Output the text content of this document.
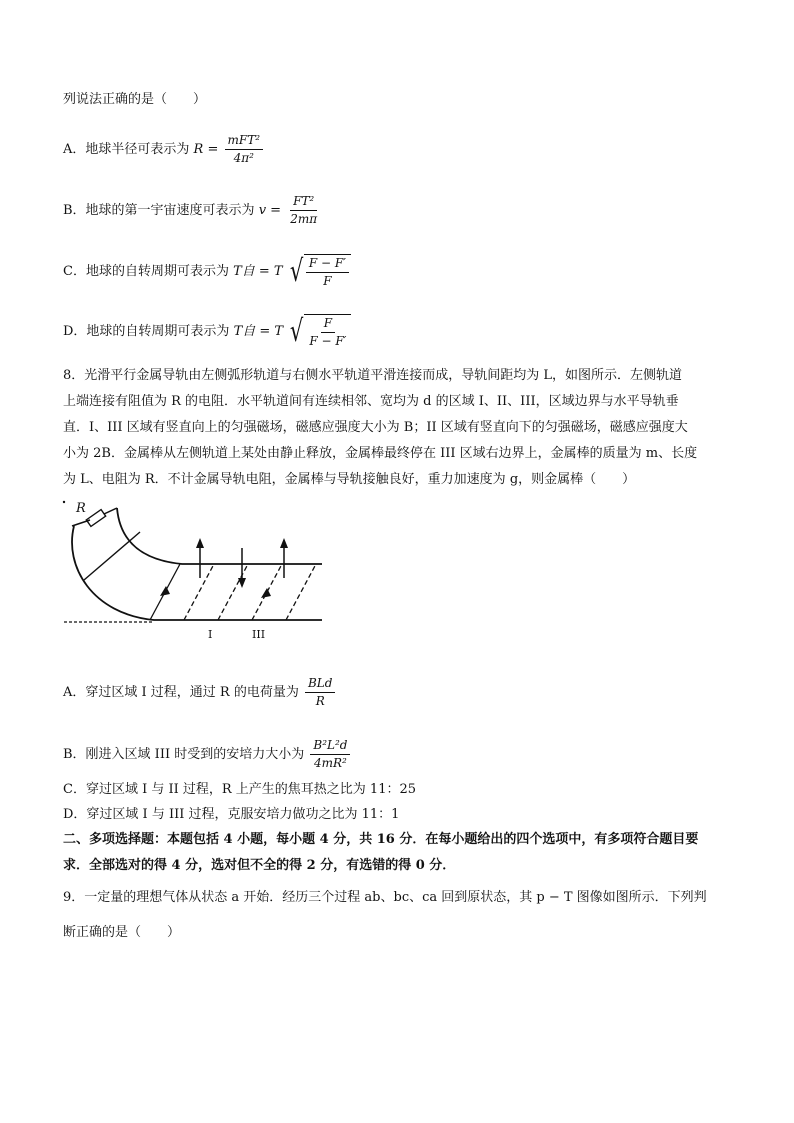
列说法正确的是（　　）
A．地球半径可表示为 $R = \frac{\text{mFT²}}{\text{4π²}}$
B．地球的第一宇宙速度可表示为 $v = \frac{\text{FT²}}{2m\pi}$
C．地球的自转周期可表示为 T自 = T √ $\frac{F - F'}{F}$
D．地球的自转周期可表示为 T自 = T √ $\frac{F}{F - F'}$
8．光滑平行金属导轨由左侧弧形轨道与右侧水平轨道平滑连接而成，导轨间距均为 L，如图所示．左侧轨道
上端连接有阻值为 R 的电阻．水平轨道间有连续相邻、宽均为 d 的区域 I、II、III，区域边界与水平导轨垂
直．I、III 区域有竖直向上的匀强磁场，磁感应强度大小为 B；II 区域有竖直向下的匀强磁场，磁感应强度大
小为 2B．金属棒从左侧轨道上某处由静止释放，金属棒最终停在 III 区域右边界上，金属棒的质量为 m、长度
为 L、电阻为 R．不计金属导轨电阻，金属棒与导轨接触良好，重力加速度为 g，则金属棒（　　）
R
I	III
A．穿过区域 I 过程，通过 R 的电荷量为 $\frac{\text{BLd}}{R}$
B．刚进入区域 III 时受到的安培力大小为 $\frac{\text{B²L²d}}{\text{4mR²}}$
C．穿过区域 I 与 II 过程，R 上产生的焦耳热之比为 11：25
D．穿过区域 I 与 III 过程，克服安培力做功之比为 11：1
二、多项选择题：本题包括 4 小题，每小题 4 分，共 16 分．在每小题给出的四个选项中，有多项符合题目要
求．全部选对的得 4 分，选对但不全的得 2 分，有选错的得 0 分．
9．一定量的理想气体从状态 a 开始．经历三个过程 ab、bc、ca 回到原状态，其 p − T 图像如图所示．下列判
断正确的是（　　）
